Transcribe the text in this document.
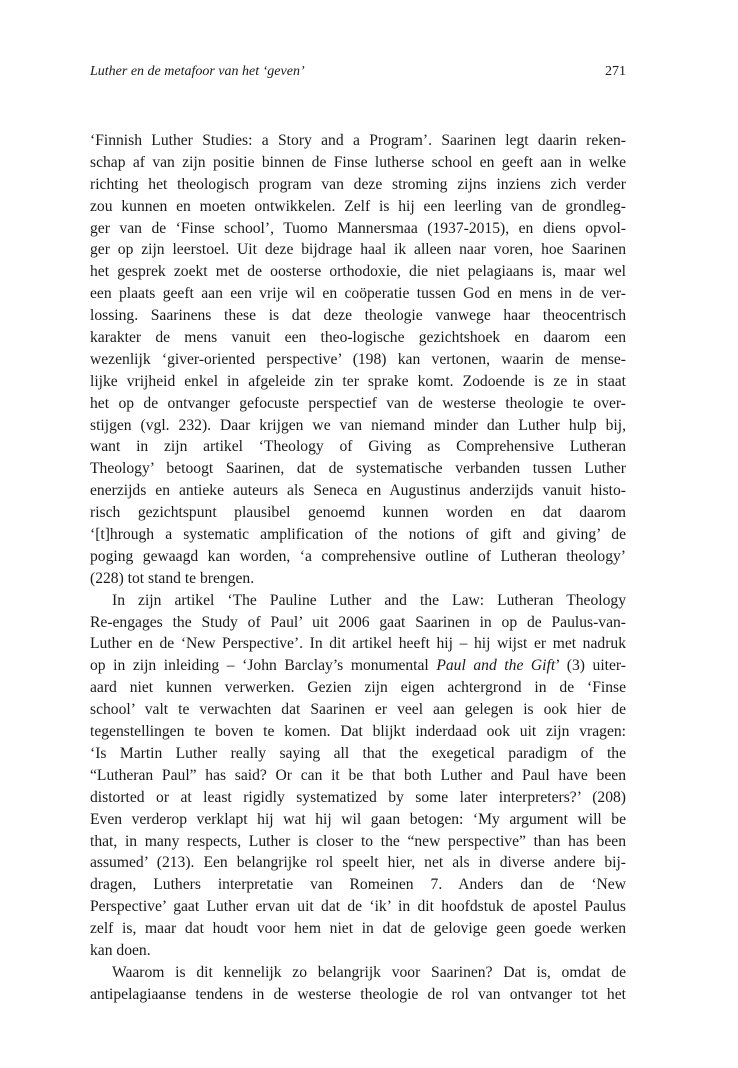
Luther en de metafoor van het ‘geven’	271
‘Finnish Luther Studies: a Story and a Program’. Saarinen legt daarin reken-
schap af van zijn positie binnen de Finse lutherse school en geeft aan in welke
richting het theologisch program van deze stroming zijns inziens zich verder
zou kunnen en moeten ontwikkelen. Zelf is hij een leerling van de grondleg-
ger van de ‘Finse school’, Tuomo Mannersmaa (1937-2015), en diens opvol-
ger op zijn leerstoel. Uit deze bijdrage haal ik alleen naar voren, hoe Saarinen
het gesprek zoekt met de oosterse orthodoxie, die niet pelagiaans is, maar wel
een plaats geeft aan een vrije wil en coöperatie tussen God en mens in de ver-
lossing. Saarinens these is dat deze theologie vanwege haar theocentrisch
karakter de mens vanuit een theo-logische gezichtshoek en daarom een
wezenlijk ‘giver-oriented perspective’ (198) kan vertonen, waarin de mense-
lijke vrijheid enkel in afgeleide zin ter sprake komt. Zodoende is ze in staat
het op de ontvanger gefocuste perspectief van de westerse theologie te over-
stijgen (vgl. 232). Daar krijgen we van niemand minder dan Luther hulp bij,
want in zijn artikel ‘Theology of Giving as Comprehensive Lutheran
Theology’ betoogt Saarinen, dat de systematische verbanden tussen Luther
enerzijds en antieke auteurs als Seneca en Augustinus anderzijds vanuit histo-
risch gezichtspunt plausibel genoemd kunnen worden en dat daarom
‘[t]hrough a systematic amplification of the notions of gift and giving’ de
poging gewaagd kan worden, ‘a comprehensive outline of Lutheran theology’
(228) tot stand te brengen.
In zijn artikel ‘The Pauline Luther and the Law: Lutheran Theology
Re-engages the Study of Paul’ uit 2006 gaat Saarinen in op de Paulus-van-
Luther en de ‘New Perspective’. In dit artikel heeft hij – hij wijst er met nadruk
op in zijn inleiding – ‘John Barclay’s monumental Paul and the Gift’ (3) uiter-
aard niet kunnen verwerken. Gezien zijn eigen achtergrond in de ‘Finse
school’ valt te verwachten dat Saarinen er veel aan gelegen is ook hier de
tegenstellingen te boven te komen. Dat blijkt inderdaad ook uit zijn vragen:
‘Is Martin Luther really saying all that the exegetical paradigm of the
“Lutheran Paul” has said? Or can it be that both Luther and Paul have been
distorted or at least rigidly systematized by some later interpreters?’ (208)
Even verderop verklapt hij wat hij wil gaan betogen: ‘My argument will be
that, in many respects, Luther is closer to the “new perspective” than has been
assumed’ (213). Een belangrijke rol speelt hier, net als in diverse andere bij-
dragen, Luthers interpretatie van Romeinen 7. Anders dan de ‘New
Perspective’ gaat Luther ervan uit dat de ‘ik’ in dit hoofdstuk de apostel Paulus
zelf is, maar dat houdt voor hem niet in dat de gelovige geen goede werken
kan doen.
Waarom is dit kennelijk zo belangrijk voor Saarinen? Dat is, omdat de
antipelagiaanse tendens in de westerse theologie de rol van ontvanger tot het
